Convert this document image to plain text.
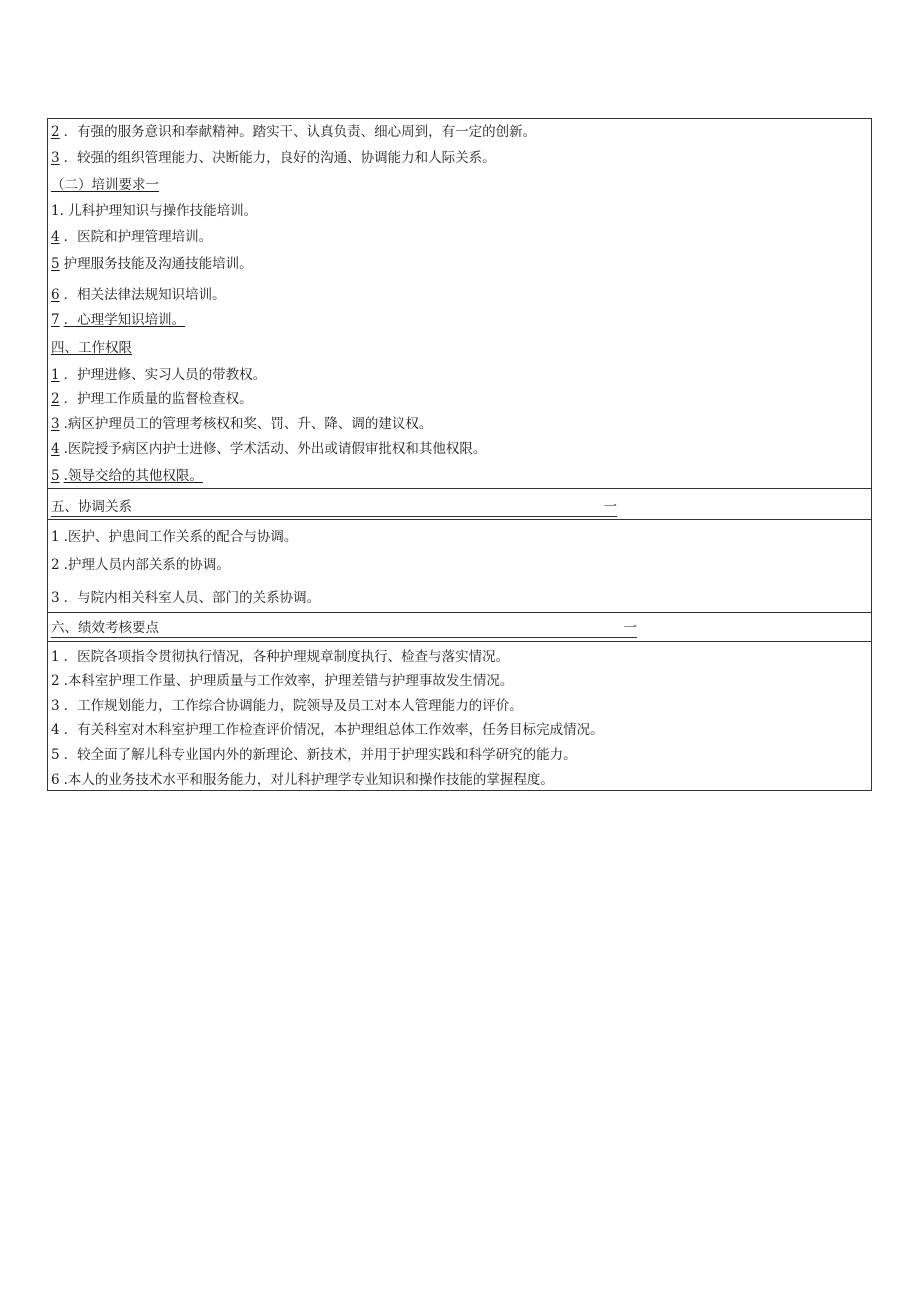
2 ．有强的服务意识和奉献精神。踏实干、认真负责、细心周到，有一定的创新。
3 ．较强的组织管理能力、决断能力，良好的沟通、协调能力和人际关系。
（二）培训要求一
1. 儿科护理知识与操作技能培训。
4 ．医院和护理管理培训。
5 护理服务技能及沟通技能培训。
6 ．相关法律法规知识培训。
7 ．心理学知识培训。
四、工作权限
1 ．护理进修、实习人员的带教权。
2 ．护理工作质量的监督检查权。
3 .病区护理员工的管理考核权和奖、罚、升、降、调的建议权。
4 .医院授予病区内护士进修、学术活动、外出或请假审批权和其他权限。
5 .领导交给的其他权限。
五、协调关系	一
1 .医护、护患间工作关系的配合与协调。
2 .护理人员内部关系的协调。
3 ．与院内相关科室人员、部门的关系协调。
六、绩效考核要点	一
1 ．医院各项指令贯彻执行情况，各种护理规章制度执行、检查与落实情况。
2 .本科室护理工作量、护理质量与工作效率，护理差错与护理事故发生情况。
3 ．工作规划能力，工作综合协调能力，院领导及员工对本人管理能力的评价。
4 ．有关科室对木科室护理工作检查评价情况，本护理组总体工作效率，任务目标完成情况。
5 ．较全面了解儿科专业国内外的新理论、新技术，并用于护理实践和科学研究的能力。
6 .本人的业务技术水平和服务能力，对儿科护理学专业知识和操作技能的掌握程度。
